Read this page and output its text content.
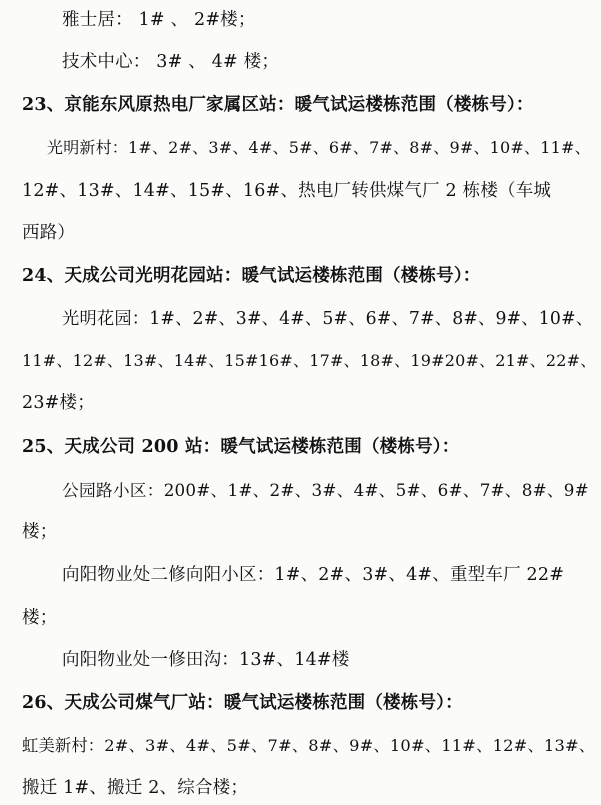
雅士居： 1# 、 2#楼；
技术中心： 3# 、 4# 楼；
23、京能东风原热电厂家属区站：暖气试运楼栋范围（楼栋号）：
光明新村：1#、2#、3#、4#、5#、6#、7#、8#、9#、10#、11#、
12#、13#、14#、15#、16#、热电厂转供煤气厂 2 栋楼（车城
西路）
24、天成公司光明花园站：暖气试运楼栋范围（楼栋号）：
光明花园：1#、2#、3#、4#、5#、6#、7#、8#、9#、10#、
11#、12#、13#、14#、15#16#、17#、18#、19#20#、21#、22#、
23#楼；
25、天成公司 200 站：暖气试运楼栋范围（楼栋号）：
公园路小区：200#、1#、2#、3#、4#、5#、6#、7#、8#、9#
楼；
向阳物业处二修向阳小区：1#、2#、3#、4#、重型车厂 22#
楼；
向阳物业处一修田沟：13#、14#楼
26、天成公司煤气厂站：暖气试运楼栋范围（楼栋号）：
虹美新村：2#、3#、4#、5#、7#、8#、9#、10#、11#、12#、13#、
搬迁 1#、搬迁 2、综合楼；
